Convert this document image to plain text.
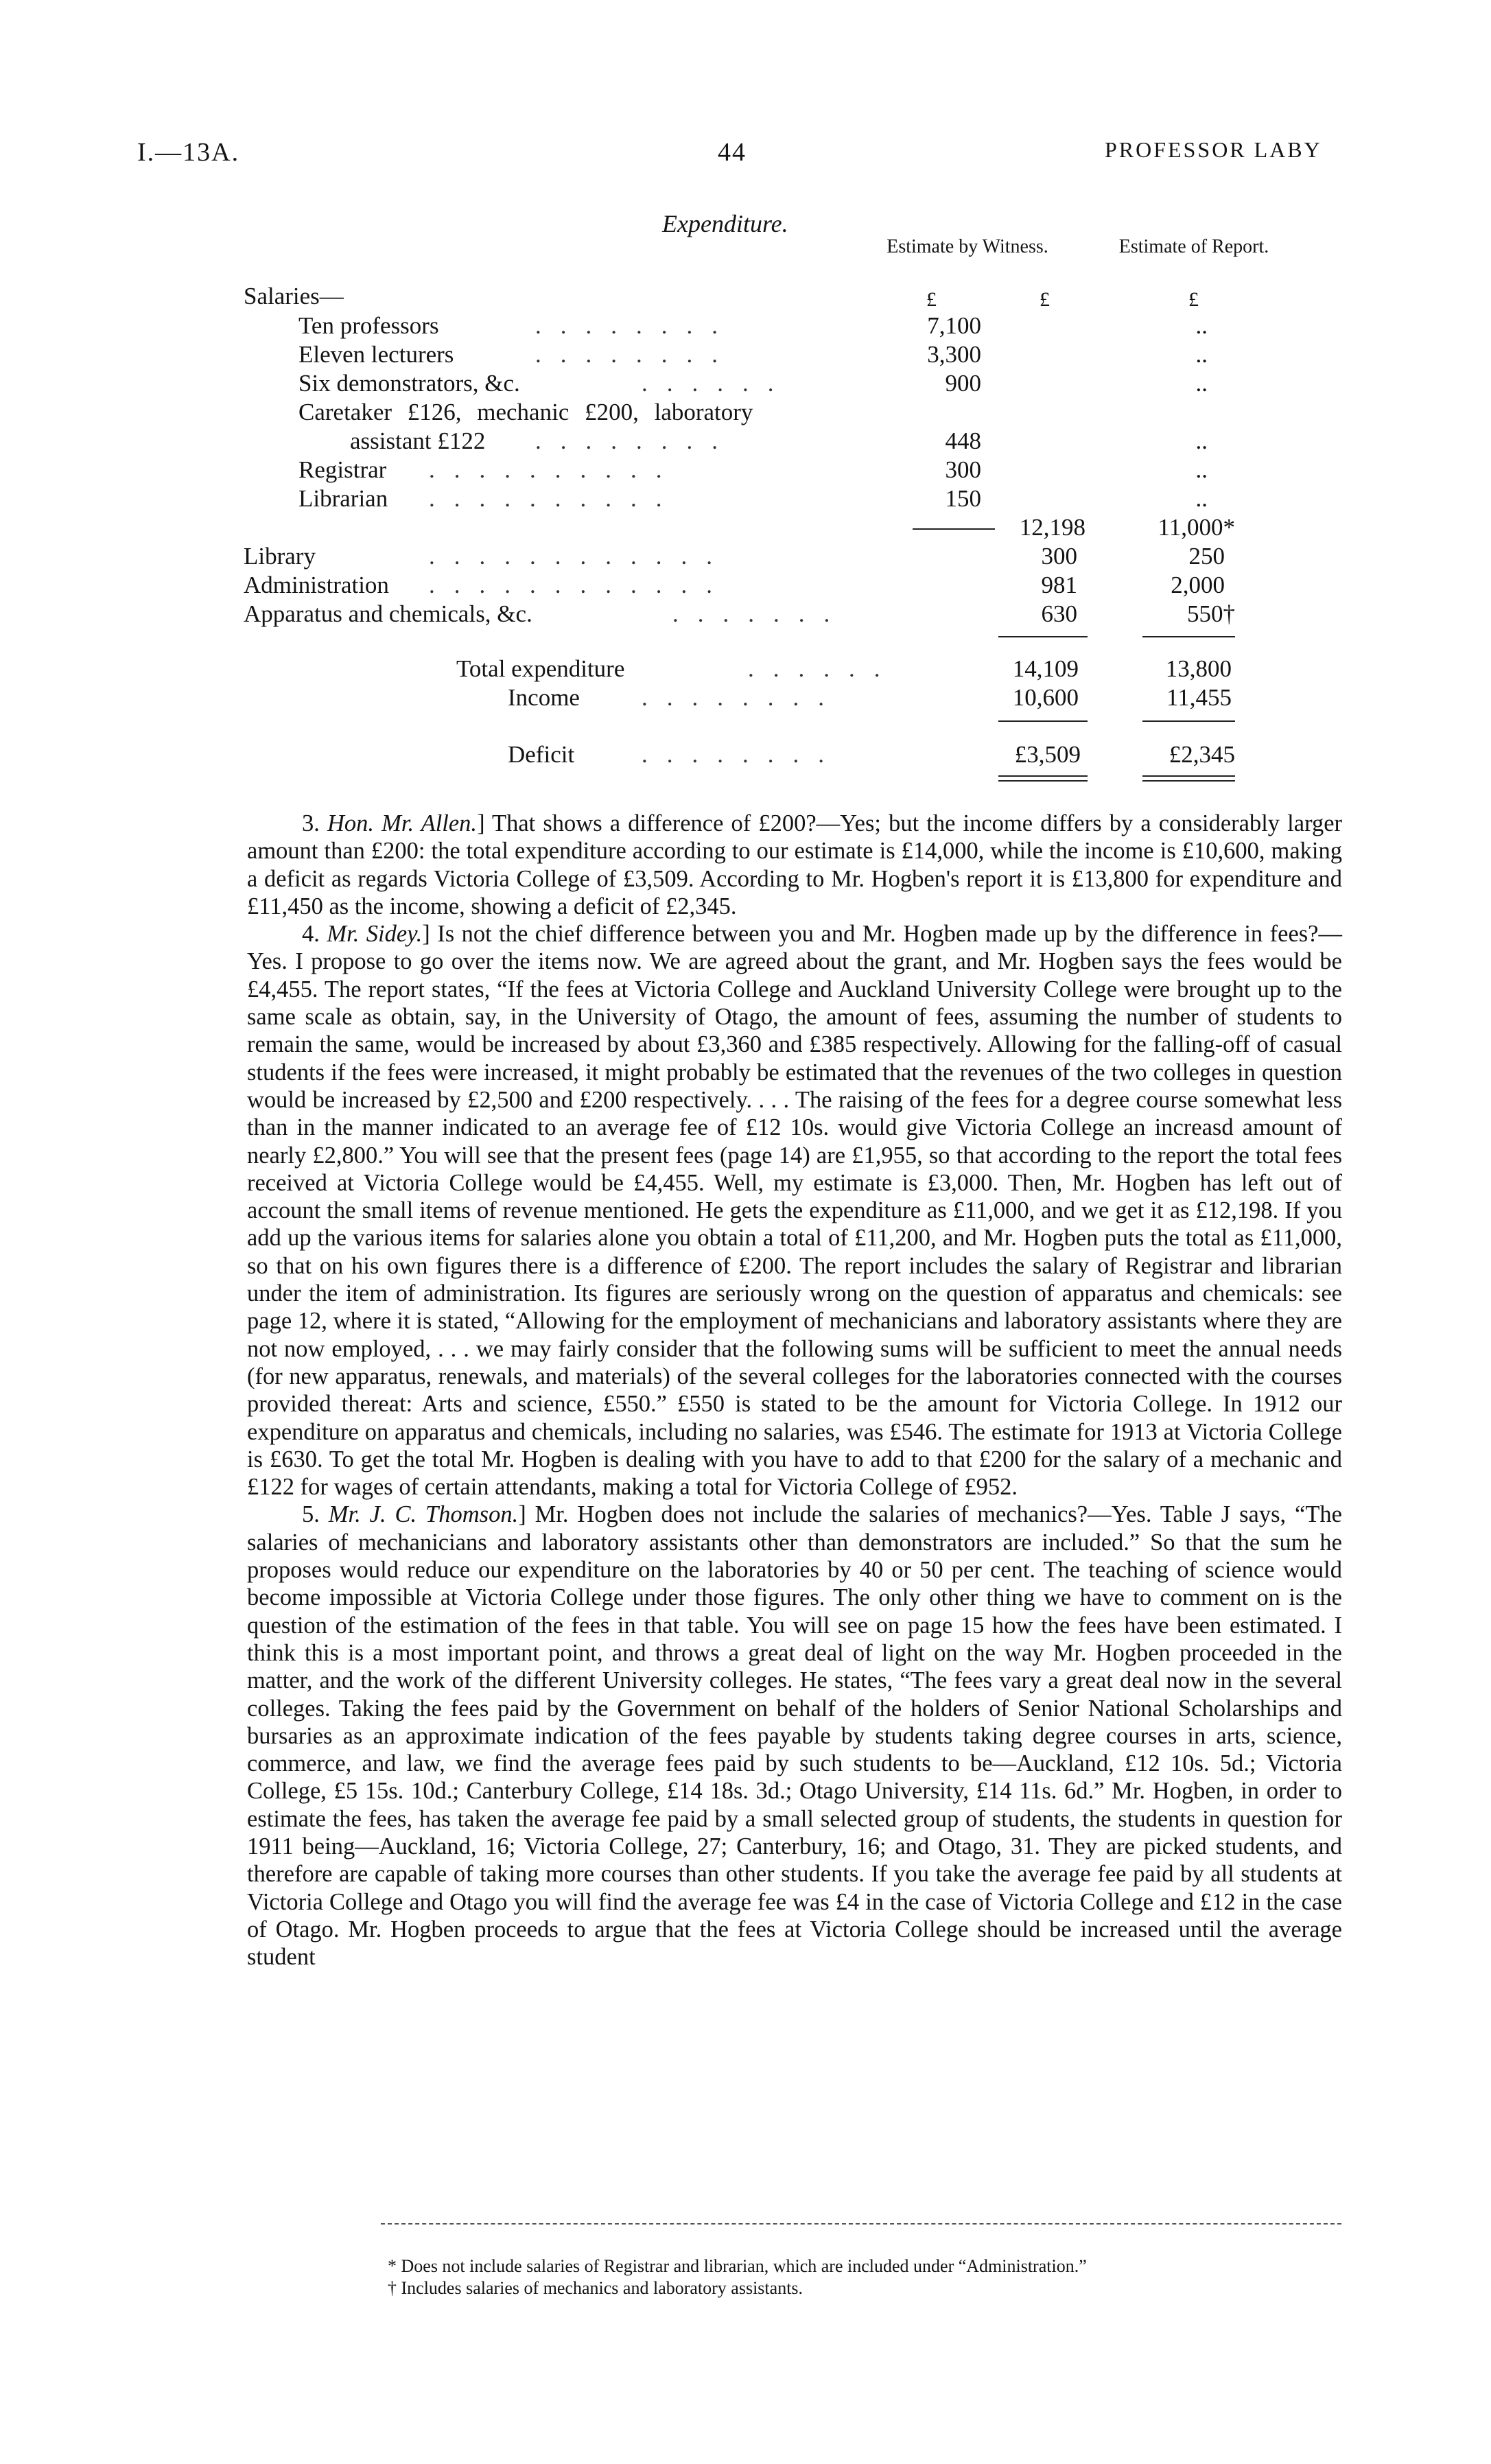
I.—13A.	44	PROFESSOR LABY
Expenditure.
Estimate by Witness.	Estimate of Report.
£	£	£
Salaries—
Ten professors	........	7,100	..
Eleven lecturers	........	3,300	..
Six demonstrators, &c.	......	900	..
Caretaker £126, mechanic £200, laboratory
assistant £122 ........	448	..
Registrar ..........	300	..
Librarian ..........	150	..
12,198	11,000*
Library	............	300	250
Administration ............	981	2,000
Apparatus and chemicals, &c.	.......	630	550†
Total expenditure	......	14,109	13,800
Income	........	10,600	11,455
Deficit	........	£3,509	£2,345

3. Hon. Mr. Allen.] That shows a difference of £200?—Yes; but the income differs by a considerably larger amount than £200: the total expenditure according to our estimate is £14,000, while the income is £10,600, making a deficit as regards Victoria College of £3,509. According to Mr. Hogben's report it is £13,800 for expenditure and £11,450 as the income, showing a deficit of £2,345.

4. Mr. Sidey.] Is not the chief difference between you and Mr. Hogben made up by the difference in fees?—Yes. I propose to go over the items now. We are agreed about the grant, and Mr. Hogben says the fees would be £4,455. The report states, “If the fees at Victoria College and Auckland University College were brought up to the same scale as obtain, say, in the University of Otago, the amount of fees, assuming the number of students to remain the same, would be increased by about £3,360 and £385 respectively. Allowing for the falling-off of casual students if the fees were increased, it might probably be estimated that the revenues of the two colleges in question would be increased by £2,500 and £200 respectively. . . . The raising of the fees for a degree course somewhat less than in the manner indicated to an average fee of £12 10s. would give Victoria College an increasd amount of nearly £2,800.” You will see that the present fees (page 14) are £1,955, so that according to the report the total fees received at Victoria College would be £4,455. Well, my estimate is £3,000. Then, Mr. Hogben has left out of account the small items of revenue mentioned. He gets the expenditure as £11,000, and we get it as £12,198. If you add up the various items for salaries alone you obtain a total of £11,200, and Mr. Hogben puts the total as £11,000, so that on his own figures there is a difference of £200. The report includes the salary of Registrar and librarian under the item of administration. Its figures are seriously wrong on the question of apparatus and chemicals: see page 12, where it is stated, “Allowing for the employment of mechanicians and laboratory assistants where they are not now employed, . . . we may fairly consider that the following sums will be sufficient to meet the annual needs (for new apparatus, renewals, and materials) of the several colleges for the laboratories connected with the courses provided thereat: Arts and science, £550.” £550 is stated to be the amount for Victoria College. In 1912 our expenditure on apparatus and chemicals, including no salaries, was £546. The estimate for 1913 at Victoria College is £630. To get the total Mr. Hogben is dealing with you have to add to that £200 for the salary of a mechanic and £122 for wages of certain attendants, making a total for Victoria College of £952.

5. Mr. J. C. Thomson.] Mr. Hogben does not include the salaries of mechanics?—Yes. Table J says, “The salaries of mechanicians and laboratory assistants other than demonstrators are included.” So that the sum he proposes would reduce our expenditure on the laboratories by 40 or 50 per cent. The teaching of science would become impossible at Victoria College under those figures. The only other thing we have to comment on is the question of the estimation of the fees in that table. You will see on page 15 how the fees have been estimated. I think this is a most important point, and throws a great deal of light on the way Mr. Hogben proceeded in the matter, and the work of the different University colleges. He states, “The fees vary a great deal now in the several colleges. Taking the fees paid by the Government on behalf of the holders of Senior National Scholarships and bursaries as an approximate indication of the fees payable by students taking degree courses in arts, science, commerce, and law, we find the average fees paid by such students to be—Auckland, £12 10s. 5d.; Victoria College, £5 15s. 10d.; Canterbury College, £14 18s. 3d.; Otago University, £14 11s. 6d.” Mr. Hogben, in order to estimate the fees, has taken the average fee paid by a small selected group of students, the students in question for 1911 being—Auckland, 16; Victoria College, 27; Canterbury, 16; and Otago, 31. They are picked students, and therefore are capable of taking more courses than other students. If you take the average fee paid by all students at Victoria College and Otago you will find the average fee was £4 in the case of Victoria College and £12 in the case of Otago. Mr. Hogben proceeds to argue that the fees at Victoria College should be increased until the average student

* Does not include salaries of Registrar and librarian, which are included under “Administration.”
† Includes salaries of mechanics and laboratory assistants.
